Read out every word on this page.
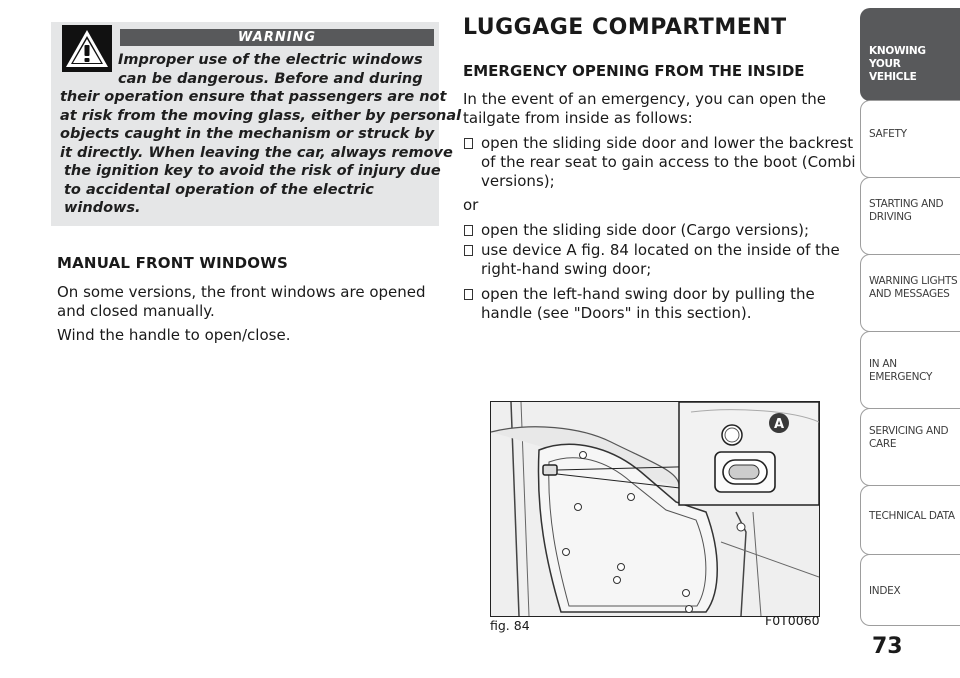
WARNING
Improper use of the electric windows
can be dangerous. Before and during
their operation ensure that passengers are not
at risk from the moving glass, either by personal
objects caught in the mechanism or struck by
it directly. When leaving the car, always remove
the ignition key to avoid the risk of injury due
to accidental operation of the electric
windows.
MANUAL FRONT WINDOWS
On some versions, the front windows are opened
and closed manually.
Wind the handle to open/close.
LUGGAGE COMPARTMENT
EMERGENCY OPENING FROM THE INSIDE
In the event of an emergency, you can open the
tailgate from inside as follows:
open the sliding side door and lower the backrest
of the rear seat to gain access to the boot (Combi
versions);
or
open the sliding side door (Cargo versions);
use device A fig. 84 located on the inside of the
right-hand swing door;
open the left-hand swing door by pulling the
handle (see "Doors" in this section).
A
fig. 84	F0T0060
KNOWING YOUR
VEHICLE
SAFETY
STARTING AND
DRIVING
WARNING LIGHTS
AND MESSAGES
IN AN EMERGENCY
SERVICING AND
CARE
TECHNICAL DATA
INDEX
73
